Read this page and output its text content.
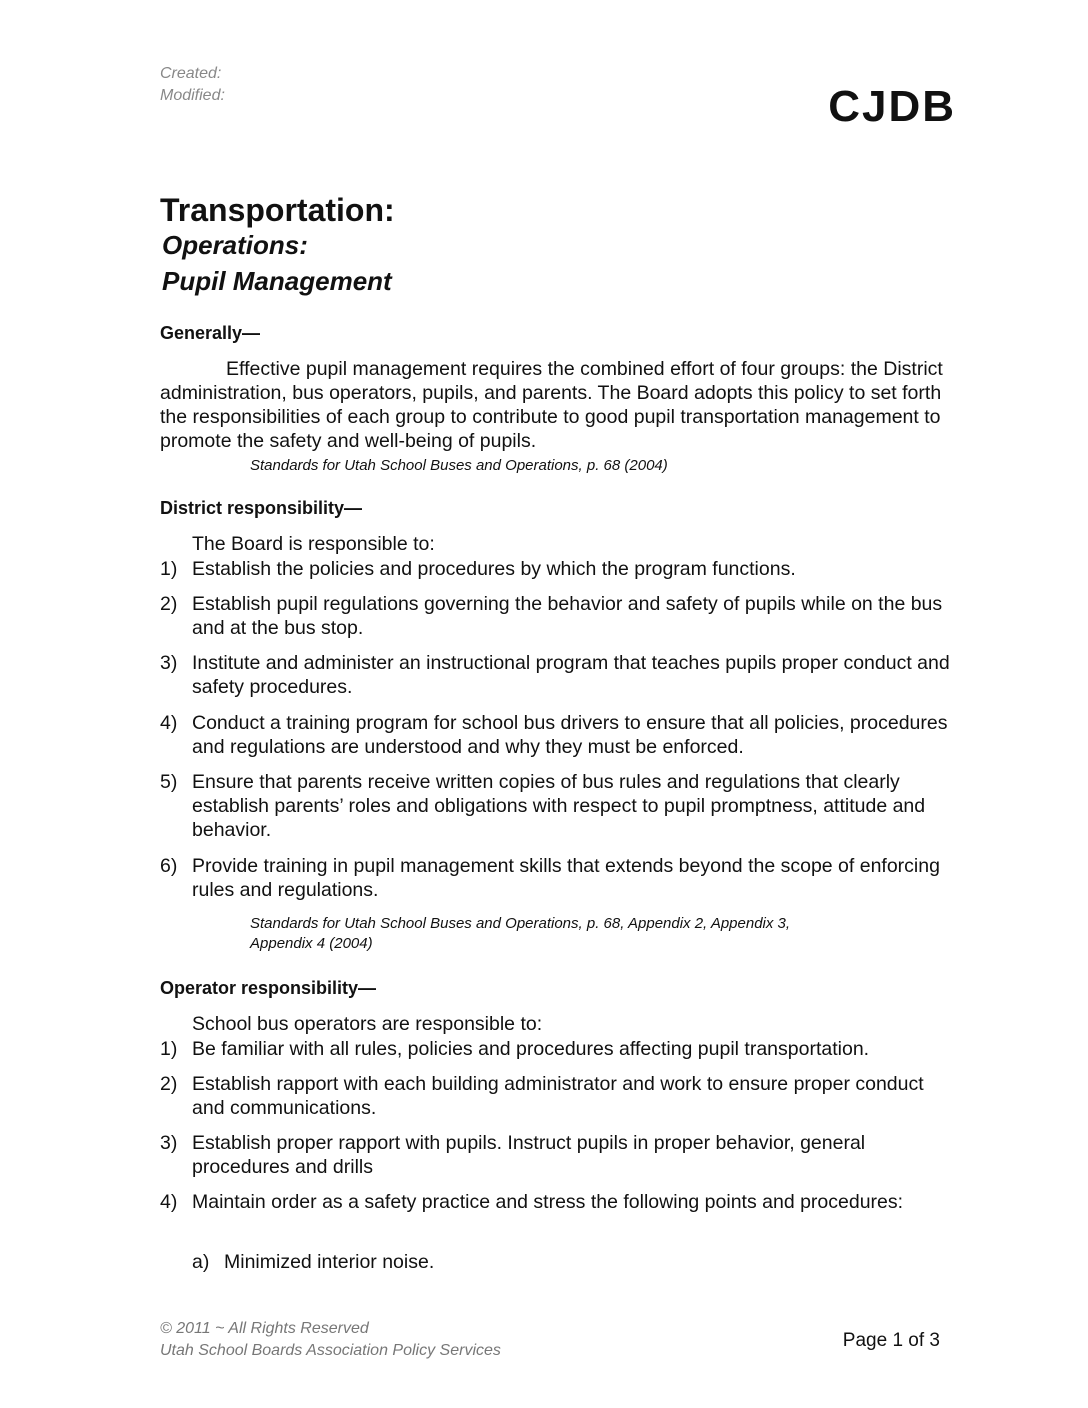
Created:
Modified:	CJDB
Transportation:
Operations:
Pupil Management
Generally—
Effective pupil management requires the combined effort of four groups: the District administration, bus operators, pupils, and parents. The Board adopts this policy to set forth the responsibilities of each group to contribute to good pupil transportation management to promote the safety and well-being of pupils.
Standards for Utah School Buses and Operations, p. 68 (2004)
District responsibility—
The Board is responsible to:
1) Establish the policies and procedures by which the program functions.
2) Establish pupil regulations governing the behavior and safety of pupils while on the bus and at the bus stop.
3) Institute and administer an instructional program that teaches pupils proper conduct and safety procedures.
4) Conduct a training program for school bus drivers to ensure that all policies, procedures and regulations are understood and why they must be enforced.
5) Ensure that parents receive written copies of bus rules and regulations that clearly establish parents’ roles and obligations with respect to pupil promptness, attitude and behavior.
6) Provide training in pupil management skills that extends beyond the scope of enforcing rules and regulations.
Standards for Utah School Buses and Operations, p. 68, Appendix 2, Appendix 3,
Appendix 4 (2004)
Operator responsibility—
School bus operators are responsible to:
1) Be familiar with all rules, policies and procedures affecting pupil transportation.
2) Establish rapport with each building administrator and work to ensure proper conduct and communications.
3) Establish proper rapport with pupils. Instruct pupils in proper behavior, general procedures and drills
4) Maintain order as a safety practice and stress the following points and procedures:
a) Minimized interior noise.
© 2011 ~ All Rights Reserved
Utah School Boards Association Policy Services	Page 1 of 3
